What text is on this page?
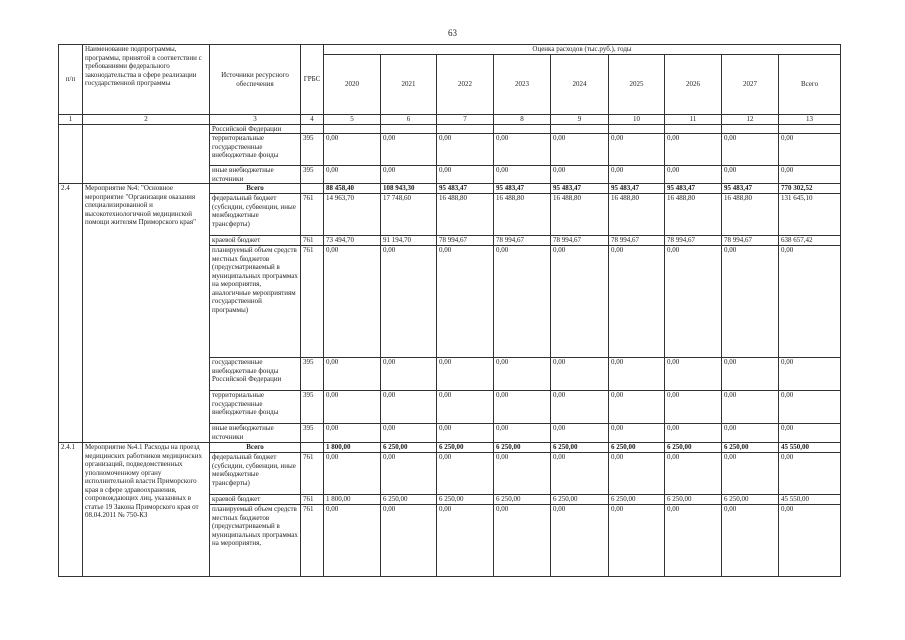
63
п/п	Наименование подпрограммы, программы, принятой в соответствии с требованиями федерального законодательства в сфере реализации государственной программы	Источники ресурсного обеспечения	ГРБС	Оценка расходов (тыс.руб.), годы								
				2020	2021	2022	2023	2024	2025	2026	2027	Всего
1	2	3	4	5	6	7	8	9	10	11	12	13
		Российской Федерации										
		территориальные государственные внебюджетные фонды	395	0,00	0,00	0,00	0,00	0,00	0,00	0,00	0,00	0,00
		иные внебюджетные источники	395	0,00	0,00	0,00	0,00	0,00	0,00	0,00	0,00	0,00
2.4	Мероприятие №4: "Основное мероприятие "Организация оказания специализированной и высокотехнологичной медицинской помощи жителям Приморского края"	Всего		88 458,40	108 943,30	95 483,47	95 483,47	95 483,47	95 483,47	95 483,47	95 483,47	770 302,52
		федеральный бюджет (субсидии, субвенции, иные межбюджетные трансферты)	761	14 963,70	17 748,60	16 488,80	16 488,80	16 488,80	16 488,80	16 488,80	16 488,80	131 645,10
		краевой бюджет	761	73 494,70	91 194,70	78 994,67	78 994,67	78 994,67	78 994,67	78 994,67	78 994,67	638 657,42
		планируемый объем средств местных бюджетов (предусматриваемый в муниципальных программах на мероприятия, аналогичные мероприятиям государственной программы)	761	0,00	0,00	0,00	0,00	0,00	0,00	0,00	0,00	0,00
		государственные внебюджетные фонды Российской Федерации	395	0,00	0,00	0,00	0,00	0,00	0,00	0,00	0,00	0,00
		территориальные государственные внебюджетные фонды	395	0,00	0,00	0,00	0,00	0,00	0,00	0,00	0,00	0,00
		иные внебюджетные источники	395	0,00	0,00	0,00	0,00	0,00	0,00	0,00	0,00	0,00
2.4.1	Мероприятие №4.1 Расходы на проезд медицинских работников медицинских организаций, подведомственных уполномоченному органу исполнительной власти Приморского края в сфере здравоохранения, сопровождающих лиц, указанных в статье 19 Закона Приморского края от 08.04.2011 № 750-КЗ	Всего		1 800,00	6 250,00	6 250,00	6 250,00	6 250,00	6 250,00	6 250,00	6 250,00	45 550,00
		федеральный бюджет (субсидии, субвенции, иные межбюджетные трансферты)	761	0,00	0,00	0,00	0,00	0,00	0,00	0,00	0,00	0,00
		краевой бюджет	761	1 800,00	6 250,00	6 250,00	6 250,00	6 250,00	6 250,00	6 250,00	6 250,00	45 550,00
		планируемый объем средств местных бюджетов (предусматриваемый в муниципальных программах на мероприятия,	761	0,00	0,00	0,00	0,00	0,00	0,00	0,00	0,00	0,00
